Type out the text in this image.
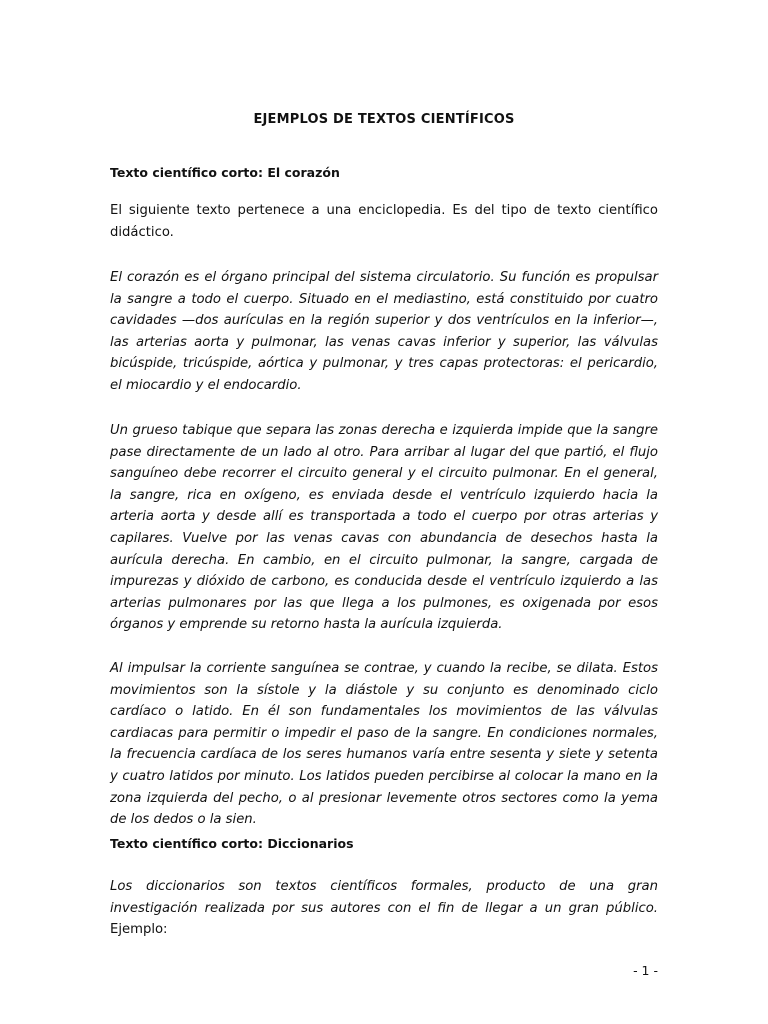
EJEMPLOS DE TEXTOS CIENTÍFICOS
Texto científico corto: El corazón
El siguiente texto pertenece a una enciclopedia. Es del tipo de texto científico didáctico.
El corazón es el órgano principal del sistema circulatorio. Su función es propulsar la sangre a todo el cuerpo. Situado en el mediastino, está constituido por cuatro cavidades —dos aurículas en la región superior y dos ventrículos en la inferior—, las arterias aorta y pulmonar, las venas cavas inferior y superior, las válvulas bicúspide, tricúspide, aórtica y pulmonar, y tres capas protectoras: el pericardio, el miocardio y el endocardio.
Un grueso tabique que separa las zonas derecha e izquierda impide que la sangre pase directamente de un lado al otro. Para arribar al lugar del que partió, el flujo sanguíneo debe recorrer el circuito general y el circuito pulmonar. En el general, la sangre, rica en oxígeno, es enviada desde el ventrículo izquierdo hacia la arteria aorta y desde allí es transportada a todo el cuerpo por otras arterias y capilares. Vuelve por las venas cavas con abundancia de desechos hasta la aurícula derecha. En cambio, en el circuito pulmonar, la sangre, cargada de impurezas y dióxido de carbono, es conducida desde el ventrículo izquierdo a las arterias pulmonares por las que llega a los pulmones, es oxigenada por esos órganos y emprende su retorno hasta la aurícula izquierda.
Al impulsar la corriente sanguínea se contrae, y cuando la recibe, se dilata. Estos movimientos son la sístole y la diástole y su conjunto es denominado ciclo cardíaco o latido. En él son fundamentales los movimientos de las válvulas cardiacas para permitir o impedir el paso de la sangre. En condiciones normales, la frecuencia cardíaca de los seres humanos varía entre sesenta y siete y setenta y cuatro latidos por minuto. Los latidos pueden percibirse al colocar la mano en la zona izquierda del pecho, o al presionar levemente otros sectores como la yema de los dedos o la sien.
Texto científico corto: Diccionarios
Los diccionarios son textos científicos formales, producto de una gran investigación realizada por sus autores con el fin de llegar a un gran público. Ejemplo:
- 1 -
